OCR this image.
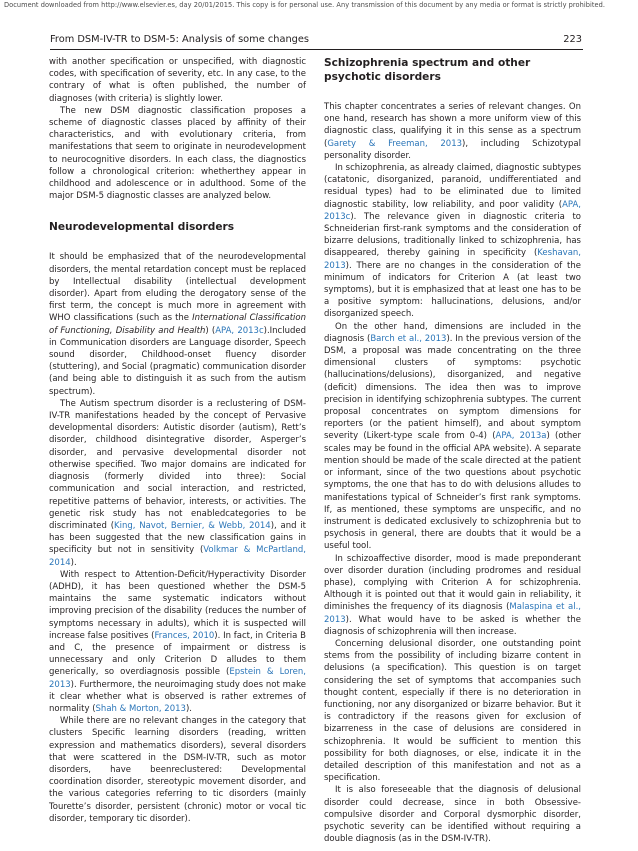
Document downloaded from http://www.elsevier.es, day 20/01/2015. This copy is for personal use. Any transmission of this document by any media or format is strictly prohibited.
From DSM-IV-TR to DSM-5: Analysis of some changes	223

with another specification or unspecified, with diagnostic codes, with specification of severity, etc. In any case, to the contrary of what is often published, the number of diagnoses (with criteria) is slightly lower.

The new DSM diagnostic classification proposes a scheme of diagnostic classes placed by affinity of their characteristics, and with evolutionary criteria, from manifestations that seem to originate in neurodevelopment to neurocognitive disorders. In each class, the diagnostics follow a chronological criterion: whetherthey appear in childhood and adolescence or in adulthood. Some of the major DSM-5 diagnostic classes are analyzed below.

Neurodevelopmental disorders

It should be emphasized that of the neurodevelopmental disorders, the mental retardation concept must be replaced by Intellectual disability (intellectual development disorder). Apart from eluding the derogatory sense of the first term, the concept is much more in agreement with WHO classifications (such as the International Classification of Functioning, Disability and Health) (APA, 2013c).Included in Communication disorders are Language disorder, Speech sound disorder, Childhood-onset fluency disorder (stuttering), and Social (pragmatic) communication disorder (and being able to distinguish it as such from the autism spectrum).

The Autism spectrum disorder is a reclustering of DSM-IV-TR manifestations headed by the concept of Pervasive developmental disorders: Autistic disorder (autism), Rett’s disorder, childhood disintegrative disorder, Asperger’s disorder, and pervasive developmental disorder not otherwise specified. Two major domains are indicated for diagnosis (formerly divided into three): Social communication and social interaction, and restricted, repetitive patterns of behavior, interests, or activities. The genetic risk study has not enabledcategories to be discriminated (King, Navot, Bernier, & Webb, 2014), and it has been suggested that the new classification gains in specificity but not in sensitivity (Volkmar & McPartland, 2014).

With respect to Attention-Deficit/Hyperactivity Disorder (ADHD), it has been questioned whether the DSM-5 maintains the same systematic indicators without improving precision of the disability (reduces the number of symptoms necessary in adults), which it is suspected will increase false positives (Frances, 2010). In fact, in Criteria B and C, the presence of impairment or distress is unnecessary and only Criterion D alludes to them generically, so overdiagnosis possible (Epstein & Loren, 2013). Furthermore, the neuroimaging study does not make it clear whether what is observed is rather extremes of normality (Shah & Morton, 2013).

While there are no relevant changes in the category that clusters Specific learning disorders (reading, written expression and mathematics disorders), several disorders that were scattered in the DSM-IV-TR, such as motor disorders, have beenreclustered: Developmental coordination disorder, stereotypic movement disorder, and the various categories referring to tic disorders (mainly Tourette’s disorder, persistent (chronic) motor or vocal tic disorder, temporary tic disorder).

Schizophrenia spectrum and other psychotic disorders

This chapter concentrates a series of relevant changes. On one hand, research has shown a more uniform view of this diagnostic class, qualifying it in this sense as a spectrum (Garety & Freeman, 2013), including Schizotypal personality disorder.

In schizophrenia, as already claimed, diagnostic subtypes (catatonic, disorganized, paranoid, undifferentiated and residual types) had to be eliminated due to limited diagnostic stability, low reliability, and poor validity (APA, 2013c). The relevance given in diagnostic criteria to Schneiderian first-rank symptoms and the consideration of bizarre delusions, traditionally linked to schizophrenia, has disappeared, thereby gaining in specificity (Keshavan, 2013). There are no changes in the consideration of the minimum of indicators for Criterion A (at least two symptoms), but it is emphasized that at least one has to be a positive symptom: hallucinations, delusions, and/or disorganized speech.

On the other hand, dimensions are included in the diagnosis (Barch et al., 2013). In the previous version of the DSM, a proposal was made concentrating on the three dimensional clusters of symptoms: psychotic (hallucinations/delusions), disorganized, and negative (deficit) dimensions. The idea then was to improve precision in identifying schizophrenia subtypes. The current proposal concentrates on symptom dimensions for reporters (or the patient himself), and about symptom severity (Likert-type scale from 0-4) (APA, 2013a) (other scales may be found in the official APA website). A separate mention should be made of the scale directed at the patient or informant, since of the two questions about psychotic symptoms, the one that has to do with delusions alludes to manifestations typical of Schneider’s first rank symptoms. If, as mentioned, these symptoms are unspecific, and no instrument is dedicated exclusively to schizophrenia but to psychosis in general, there are doubts that it would be a useful tool.

In schizoaffective disorder, mood is made preponderant over disorder duration (including prodromes and residual phase), complying with Criterion A for schizophrenia. Although it is pointed out that it would gain in reliability, it diminishes the frequency of its diagnosis (Malaspina et al., 2013). What would have to be asked is whether the diagnosis of schizophrenia will then increase.

Concerning delusional disorder, one outstanding point stems from the possibility of including bizarre content in delusions (a specification). This question is on target considering the set of symptoms that accompanies such thought content, especially if there is no deterioration in functioning, nor any disorganized or bizarre behavior. But it is contradictory if the reasons given for exclusion of bizarreness in the case of delusions are considered in schizophrenia. It would be sufficient to mention this possibility for both diagnoses, or else, indicate it in the detailed description of this manifestation and not as a specification.

It is also foreseeable that the diagnosis of delusional disorder could decrease, since in both Obsessive-compulsive disorder and Corporal dysmorphic disorder, psychotic severity can be identified without requiring a double diagnosis (as in the DSM-IV-TR).
